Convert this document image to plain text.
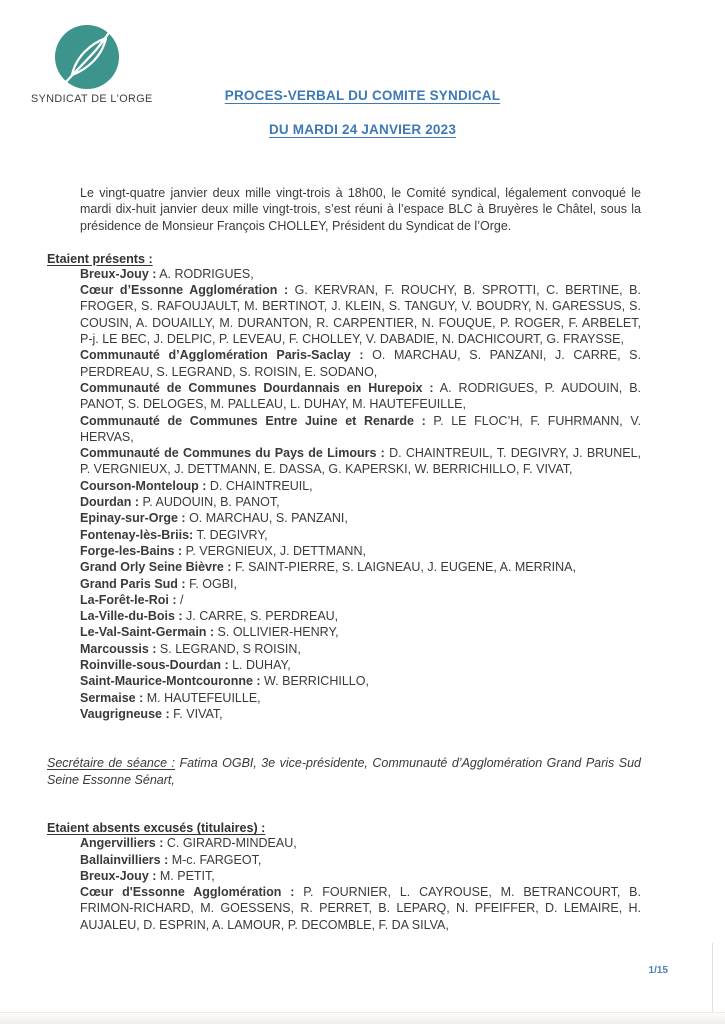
SYNDICAT DE L'ORGE	PROCES-VERBAL DU COMITE SYNDICAL
DU MARDI 24 JANVIER 2023

Le vingt-quatre janvier deux mille vingt-trois à 18h00, le Comité syndical, légalement convoqué le mardi dix-huit janvier deux mille vingt-trois, s’est réuni à l’espace BLC à Bruyères le Châtel, sous la présidence de Monsieur François CHOLLEY, Président du Syndicat de l’Orge.

Etaient présents :
Breux-Jouy : A. RODRIGUES,
Cœur d’Essonne Agglomération : G. KERVRAN, F. ROUCHY, B. SPROTTI, C. BERTINE, B. FROGER, S. RAFOUJAULT, M. BERTINOT, J. KLEIN, S. TANGUY, V. BOUDRY, N. GARESSUS, S. COUSIN, A. DOUAILLY, M. DURANTON, R. CARPENTIER, N. FOUQUE, P. ROGER, F. ARBELET, P-j. LE BEC, J. DELPIC, P. LEVEAU, F. CHOLLEY, V. DABADIE, N. DACHICOURT, G. FRAYSSE,
Communauté d’Agglomération Paris-Saclay : O. MARCHAU, S. PANZANI, J. CARRE, S. PERDREAU, S. LEGRAND, S. ROISIN, E. SODANO,
Communauté de Communes Dourdannais en Hurepoix : A. RODRIGUES, P. AUDOUIN, B. PANOT, S. DELOGES, M. PALLEAU, L. DUHAY, M. HAUTEFEUILLE,
Communauté de Communes Entre Juine et Renarde : P. LE FLOC’H, F. FUHRMANN, V. HERVAS,
Communauté de Communes du Pays de Limours : D. CHAINTREUIL, T. DEGIVRY, J. BRUNEL, P. VERGNIEUX, J. DETTMANN, E. DASSA, G. KAPERSKI, W. BERRICHILLO, F. VIVAT,
Courson-Monteloup : D. CHAINTREUIL,
Dourdan : P. AUDOUIN, B. PANOT,
Epinay-sur-Orge : O. MARCHAU, S. PANZANI,
Fontenay-lès-Briis: T. DEGIVRY,
Forge-les-Bains : P. VERGNIEUX, J. DETTMANN,
Grand Orly Seine Bièvre : F. SAINT-PIERRE, S. LAIGNEAU, J. EUGENE, A. MERRINA,
Grand Paris Sud : F. OGBI,
La-Forêt-le-Roi : /
La-Ville-du-Bois : J. CARRE, S. PERDREAU,
Le-Val-Saint-Germain : S. OLLIVIER-HENRY,
Marcoussis : S. LEGRAND, S ROISIN,
Roinville-sous-Dourdan : L. DUHAY,
Saint-Maurice-Montcouronne : W. BERRICHILLO,
Sermaise : M. HAUTEFEUILLE,
Vaugrigneuse : F. VIVAT,

Secrétaire de séance : Fatima OGBI, 3e vice-présidente, Communauté d’Agglomération Grand Paris Sud Seine Essonne Sénart,

Etaient absents excusés (titulaires) :
Angervilliers : C. GIRARD-MINDEAU,
Ballainvilliers : M-c. FARGEOT,
Breux-Jouy : M. PETIT,
Cœur d'Essonne Agglomération : P. FOURNIER, L. CAYROUSE, M. BETRANCOURT, B. FRIMON-RICHARD, M. GOESSENS, R. PERRET, B. LEPARQ, N. PFEIFFER, D. LEMAIRE, H. AUJALEU, D. ESPRIN, A. LAMOUR, P. DECOMBLE, F. DA SILVA,
1/15
